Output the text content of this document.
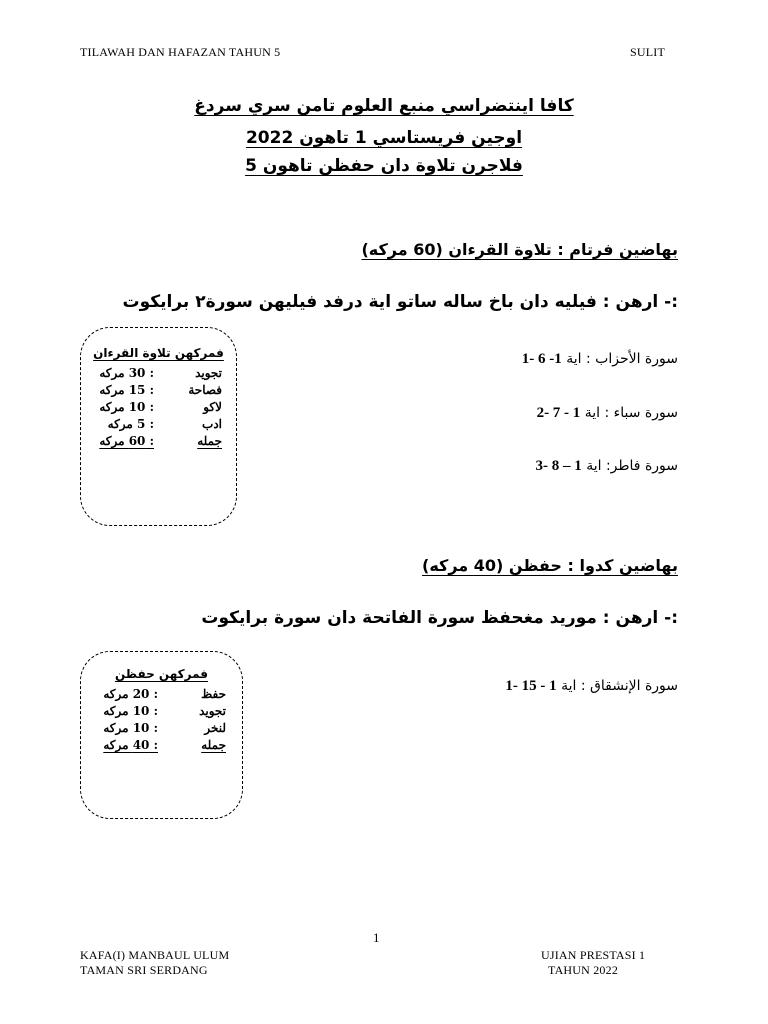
TILAWAH DAN HAFAZAN TAHUN 5	SULIT
كافا اينتضراسي منبع العلوم تامن سري سردغ
اوجين فريستاسي 1 تاهون 2022
فلاجرن تلاوة دان حفظن تاهون 5
بهاضين فرتام : تلاوة القرءان (60 مركه)
:- ارهن : فيليه دان باخ ساله ساتو اية درفد فيليهن سورة٢ برايكوت
سورة الأحزاب : اية 1- 6 -1
سورة سباء : اية 2- 7 - 1
سورة فاطر: اية 3- 8 – 1
فمركهن تلاوة القرءان
تجويد
: 30 مركه
فصاحة
: 15 مركه
لاكو
: 10 مركه
ادب
: 5 مركه
جمله
: 60 مركه
بهاضين كدوا : حفظن (40 مركه)
:- ارهن : موريد مغحفظ سورة الفاتحة دان سورة برايكوت
سورة الإنشقاق : اية 1- 15 - 1
فمركهن حفظن
حفظ
: 20 مركه
تجويد
: 10 مركه
لنخر
: 10 مركه
جمله
: 40 مركه
1
KAFA(I) MANBAUL ULUM
TAMAN SRI SERDANG
UJIAN PRESTASI 1
TAHUN 2022
